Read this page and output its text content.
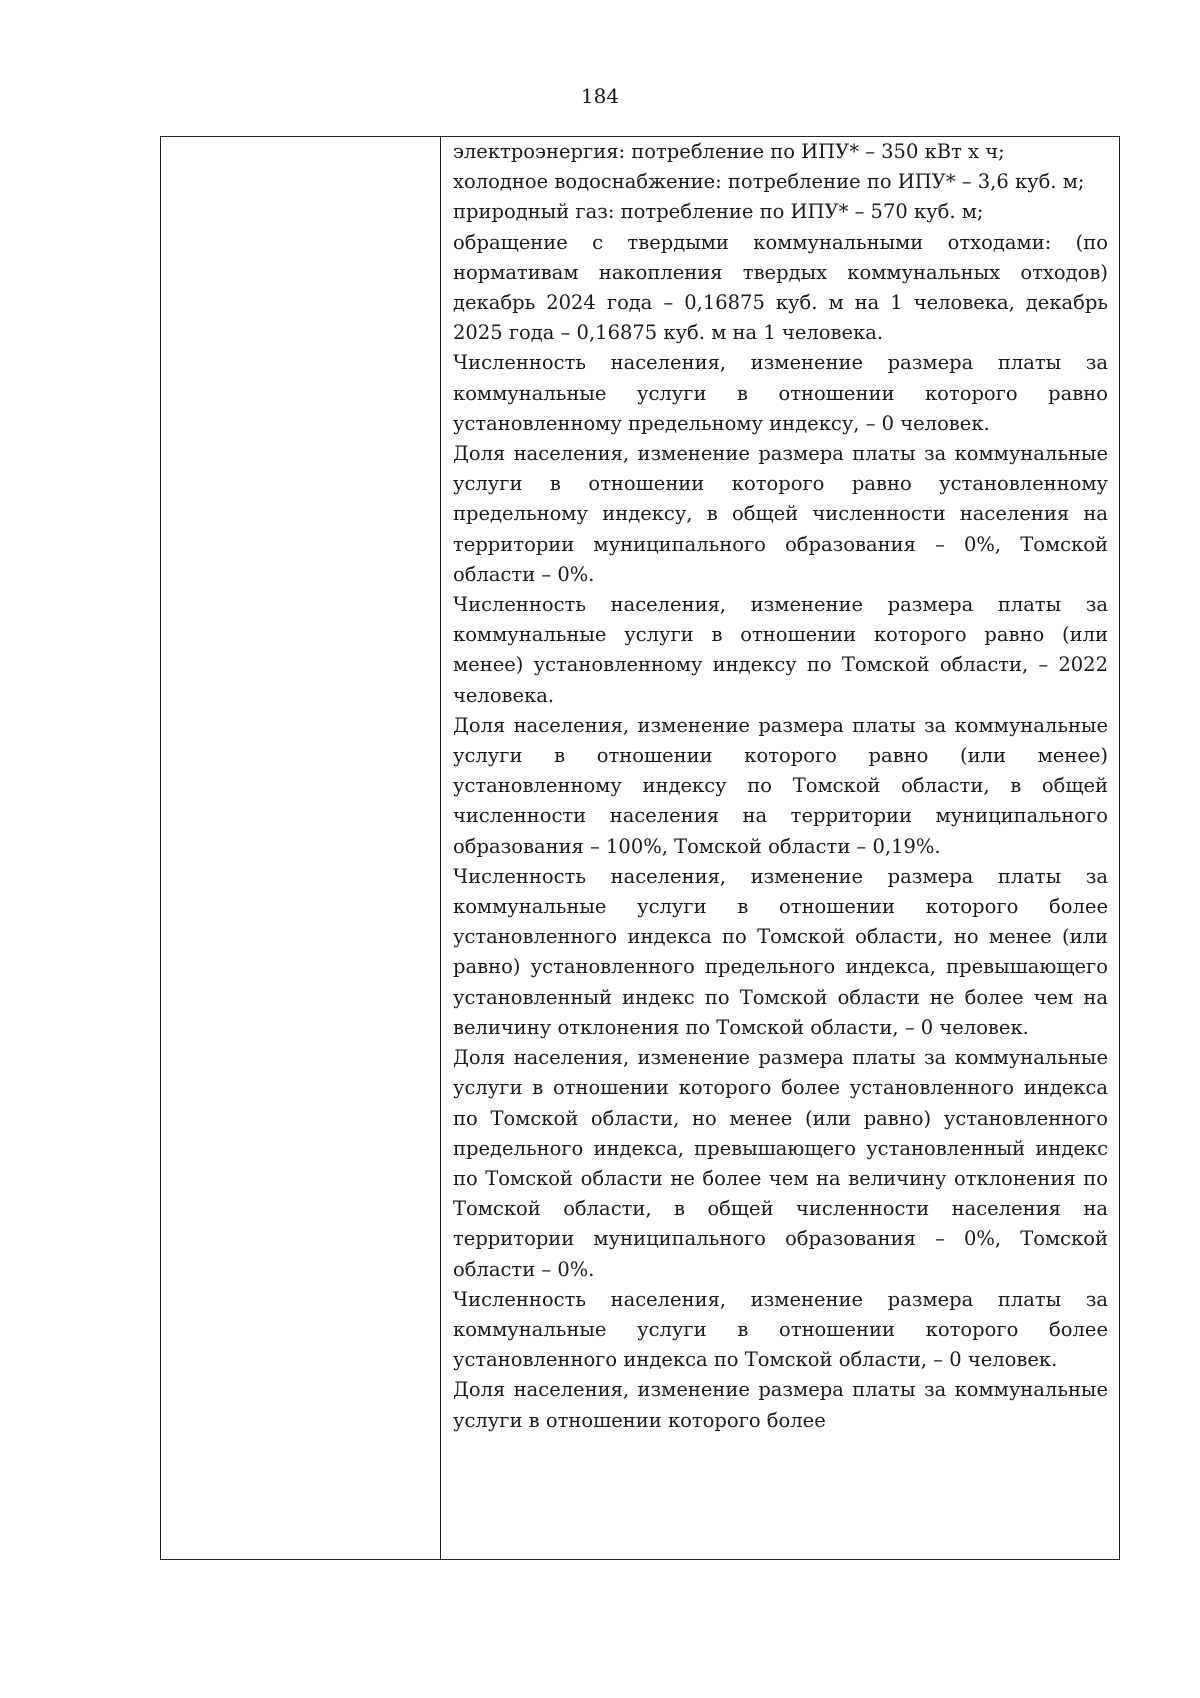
184

электроэнергия: потребление по ИПУ* – 350 кВт х ч;

холодное водоснабжение: потребление по ИПУ* – 3,6 куб. м;

природный газ: потребление по ИПУ* – 570 куб. м;

обращение с твердыми коммунальными отходами: (по нормативам накопления твердых коммунальных отходов) декабрь 2024 года – 0,16875 куб. м на 1 человека, декабрь 2025 года – 0,16875 куб. м на 1 человека.

Численность населения, изменение размера платы за коммунальные услуги в отношении которого равно установленному предельному индексу, – 0 человек.

Доля населения, изменение размера платы за коммунальные услуги в отношении которого равно установленному предельному индексу, в общей численности населения на территории муниципального образования – 0%, Томской области – 0%.

Численность населения, изменение размера платы за коммунальные услуги в отношении которого равно (или менее) установленному индексу по Томской области, – 2022 человека.

Доля населения, изменение размера платы за коммунальные услуги в отношении которого равно (или менее) установленному индексу по Томской области, в общей численности населения на территории муниципального образования – 100%, Томской области – 0,19%.

Численность населения, изменение размера платы за коммунальные услуги в отношении которого более установленного индекса по Томской области, но менее (или равно) установленного предельного индекса, превышающего установленный индекс по Томской области не более чем на величину отклонения по Томской области, – 0 человек.

Доля населения, изменение размера платы за коммунальные услуги в отношении которого более установленного индекса по Томской области, но менее (или равно) установленного предельного индекса, превышающего установленный индекс по Томской области не более чем на величину отклонения по Томской области, в общей численности населения на территории муниципального образования – 0%, Томской области – 0%.

Численность населения, изменение размера платы за коммунальные услуги в отношении которого более установленного индекса по Томской области, – 0 человек.

Доля населения, изменение размера платы за коммунальные услуги в отношении которого более
